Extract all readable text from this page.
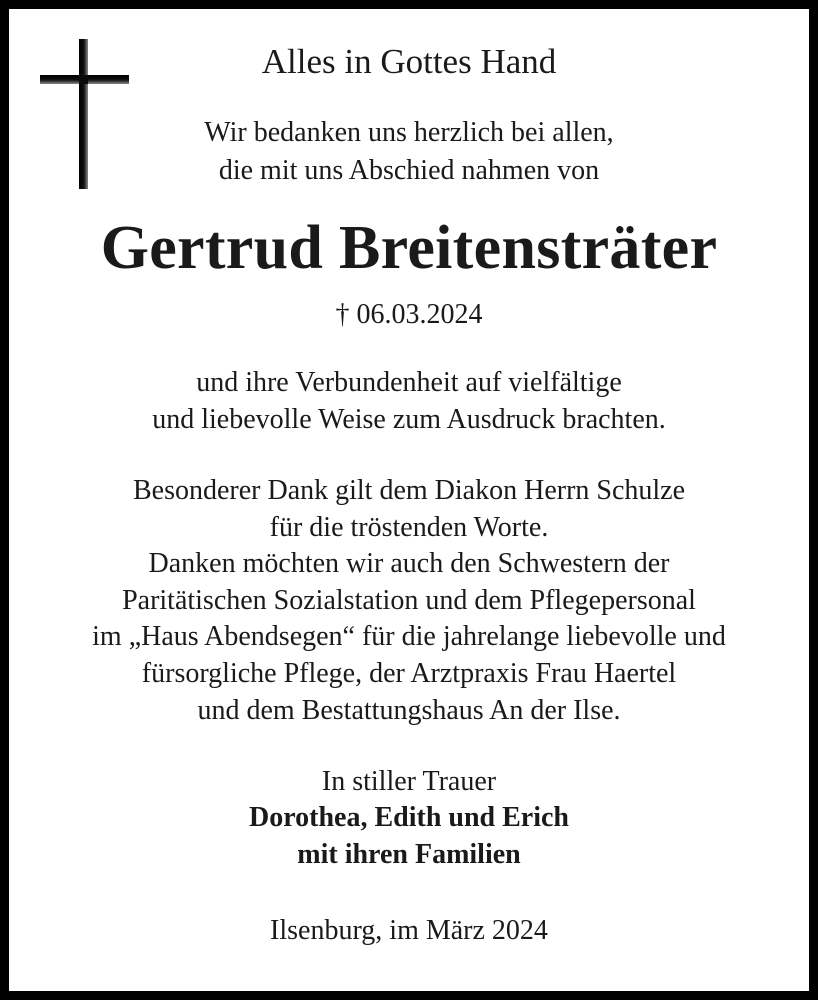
Alles in Gottes Hand
Wir bedanken uns herzlich bei allen,
die mit uns Abschied nahmen von
Gertrud Breitensträter
† 06.03.2024
und ihre Verbundenheit auf vielfältige
und liebevolle Weise zum Ausdruck brachten.
Besonderer Dank gilt dem Diakon Herrn Schulze
für die tröstenden Worte.
Danken möchten wir auch den Schwestern der
Paritätischen Sozialstation und dem Pflegepersonal
im „Haus Abendsegen“ für die jahrelange liebevolle und
fürsorgliche Pflege, der Arztpraxis Frau Haertel
und dem Bestattungshaus An der Ilse.
In stiller Trauer
Dorothea, Edith und Erich
mit ihren Familien
Ilsenburg, im März 2024
